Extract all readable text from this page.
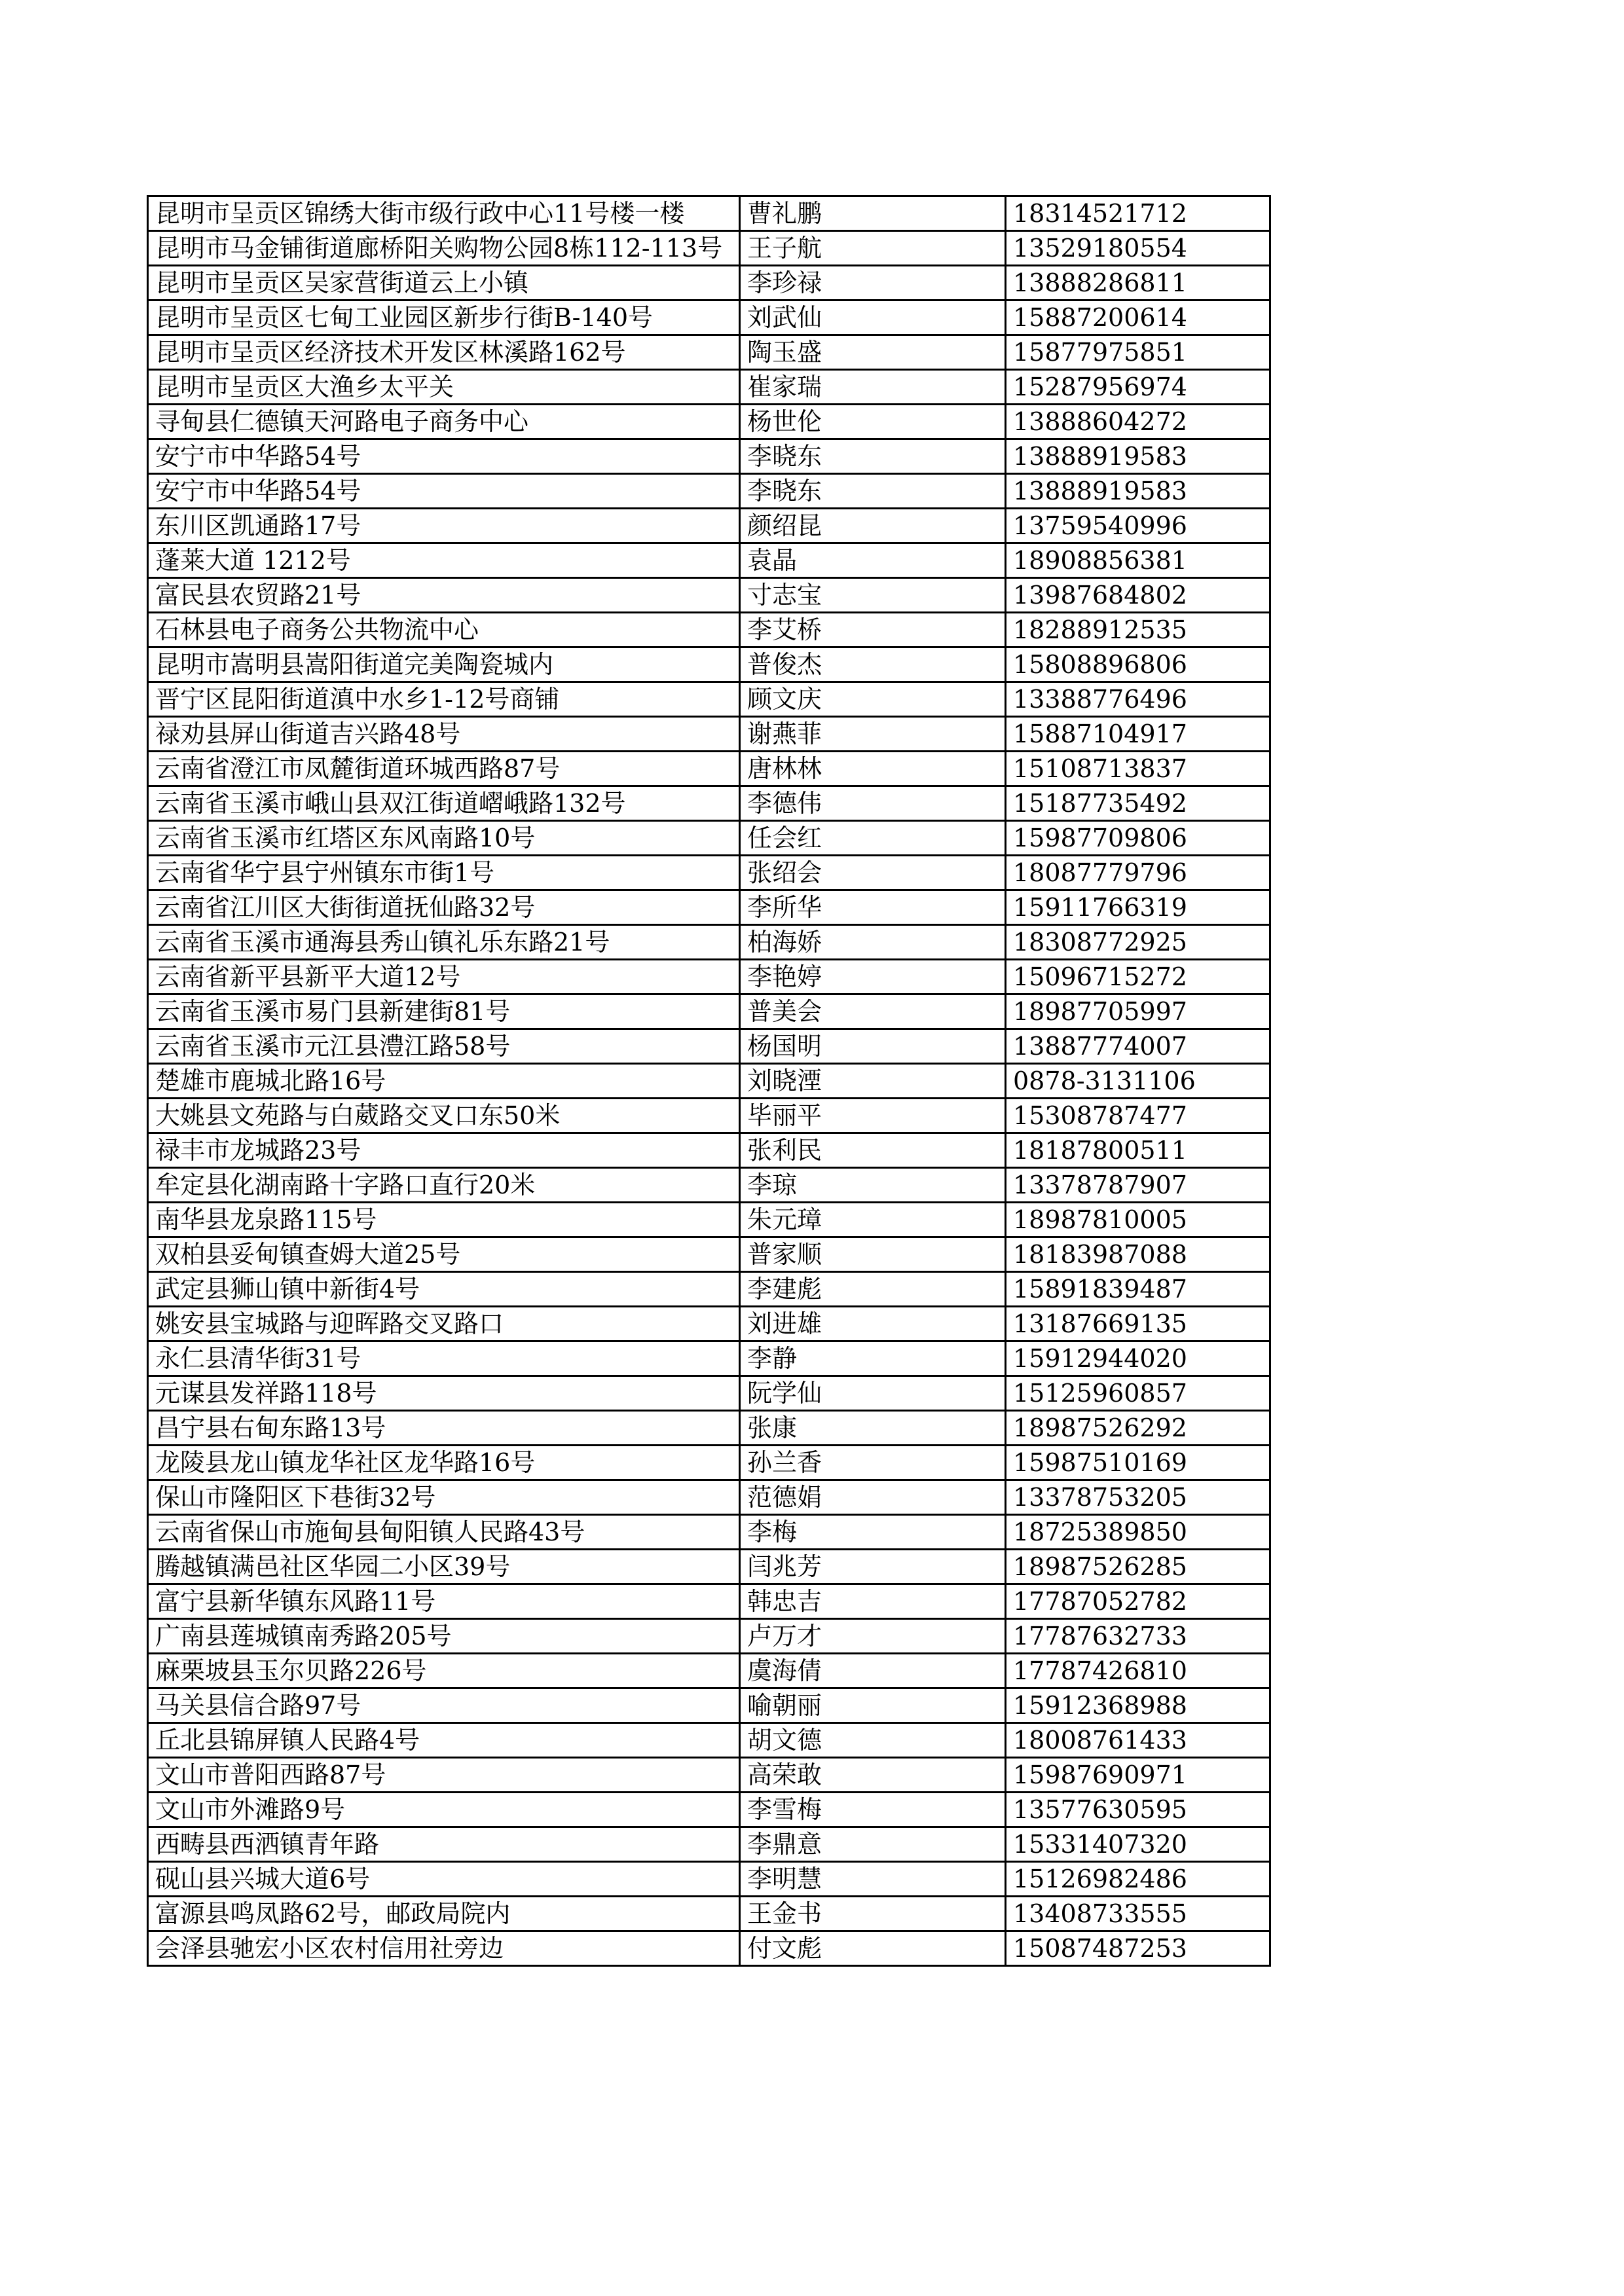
昆明市呈贡区锦绣大街市级行政中心11号楼一楼	曹礼鹏	18314521712
昆明市马金铺街道廊桥阳关购物公园8栋112-113号	王子航	13529180554
昆明市呈贡区吴家营街道云上小镇	李珍禄	13888286811
昆明市呈贡区七甸工业园区新步行街B-140号	刘武仙	15887200614
昆明市呈贡区经济技术开发区林溪路162号	陶玉盛	15877975851
昆明市呈贡区大渔乡太平关	崔家瑞	15287956974
寻甸县仁德镇天河路电子商务中心	杨世伦	13888604272
安宁市中华路54号	李晓东	13888919583
安宁市中华路54号	李晓东	13888919583
东川区凯通路17号	颜绍昆	13759540996
蓬莱大道 1212号	袁晶	18908856381
富民县农贸路21号	寸志宝	13987684802
石林县电子商务公共物流中心	李艾桥	18288912535
昆明市嵩明县嵩阳街道完美陶瓷城内	普俊杰	15808896806
晋宁区昆阳街道滇中水乡1-12号商铺	顾文庆	13388776496
禄劝县屏山街道吉兴路48号	谢燕菲	15887104917
云南省澄江市凤麓街道环城西路87号	唐林林	15108713837
云南省玉溪市峨山县双江街道嶍峨路132号	李德伟	15187735492
云南省玉溪市红塔区东风南路10号	任会红	15987709806
云南省华宁县宁州镇东市街1号	张绍会	18087779796
云南省江川区大街街道抚仙路32号	李所华	15911766319
云南省玉溪市通海县秀山镇礼乐东路21号	柏海娇	18308772925
云南省新平县新平大道12号	李艳婷	15096715272
云南省玉溪市易门县新建街81号	普美会	18987705997
云南省玉溪市元江县澧江路58号	杨国明	13887774007
楚雄市鹿城北路16号	刘晓湮	0878-3131106
大姚县文苑路与白葳路交叉口东50米	毕丽平	15308787477
禄丰市龙城路23号	张利民	18187800511
牟定县化湖南路十字路口直行20米	李琼	13378787907
南华县龙泉路115号	朱元璋	18987810005
双柏县妥甸镇查姆大道25号	普家顺	18183987088
武定县狮山镇中新街4号	李建彪	15891839487
姚安县宝城路与迎晖路交叉路口	刘进雄	13187669135
永仁县清华街31号	李静	15912944020
元谋县发祥路118号	阮学仙	15125960857
昌宁县右甸东路13号	张康	18987526292
龙陵县龙山镇龙华社区龙华路16号	孙兰香	15987510169
保山市隆阳区下巷街32号	范德娟	13378753205
云南省保山市施甸县甸阳镇人民路43号	李梅	18725389850
腾越镇满邑社区华园二小区39号	闫兆芳	18987526285
富宁县新华镇东风路11号	韩忠吉	17787052782
广南县莲城镇南秀路205号	卢万才	17787632733
麻栗坡县玉尔贝路226号	虞海倩	17787426810
马关县信合路97号	喻朝丽	15912368988
丘北县锦屏镇人民路4号	胡文德	18008761433
文山市普阳西路87号	高荣敢	15987690971
文山市外滩路9号	李雪梅	13577630595
西畴县西洒镇青年路	李鼎意	15331407320
砚山县兴城大道6号	李明慧	15126982486
富源县鸣凤路62号，邮政局院内	王金书	13408733555
会泽县驰宏小区农村信用社旁边	付文彪	15087487253
